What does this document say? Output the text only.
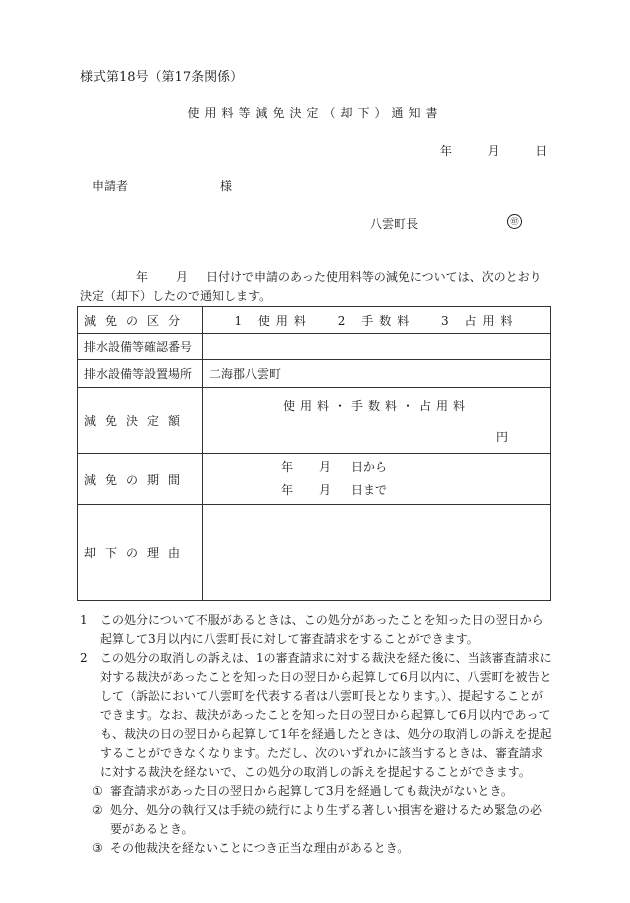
様式第18号（第17条関係）
使用料等減免決定（却下）通知書
年	月	日
申請者	様
八雲町長	㊞
年 月 日付けで申請のあった使用料等の減免については、次のとおり決定（却下）したので通知します。
減免の区分	1 使用料 2 手数料 3 占用料
排水設備等確認番号	
排水設備等設置場所	二海郡八雲町
減免決定額	使用料・手数料・占用料
円

減免の期間	年 月 日から
年 月 日まで

却下の理由	
1 この処分について不服があるときは、この処分があったことを知った日の翌日から起算して3月以内に八雲町長に対して審査請求をすることができます。
2 この処分の取消しの訴えは、1の審査請求に対する裁決を経た後に、当該審査請求に対する裁決があったことを知った日の翌日から起算して6月以内に、八雲町を被告として（訴訟において八雲町を代表する者は八雲町長となります。）、提起することができます。なお、裁決があったことを知った日の翌日から起算して6月以内であっても、裁決の日の翌日から起算して1年を経過したときは、処分の取消しの訴えを提起することができなくなります。ただし、次のいずれかに該当するときは、審査請求に対する裁決を経ないで、この処分の取消しの訴えを提起することができます。
① 審査請求があった日の翌日から起算して3月を経過しても裁決がないとき。
② 処分、処分の執行又は手続の続行により生ずる著しい損害を避けるため緊急の必要があるとき。
③ その他裁決を経ないことにつき正当な理由があるとき。
